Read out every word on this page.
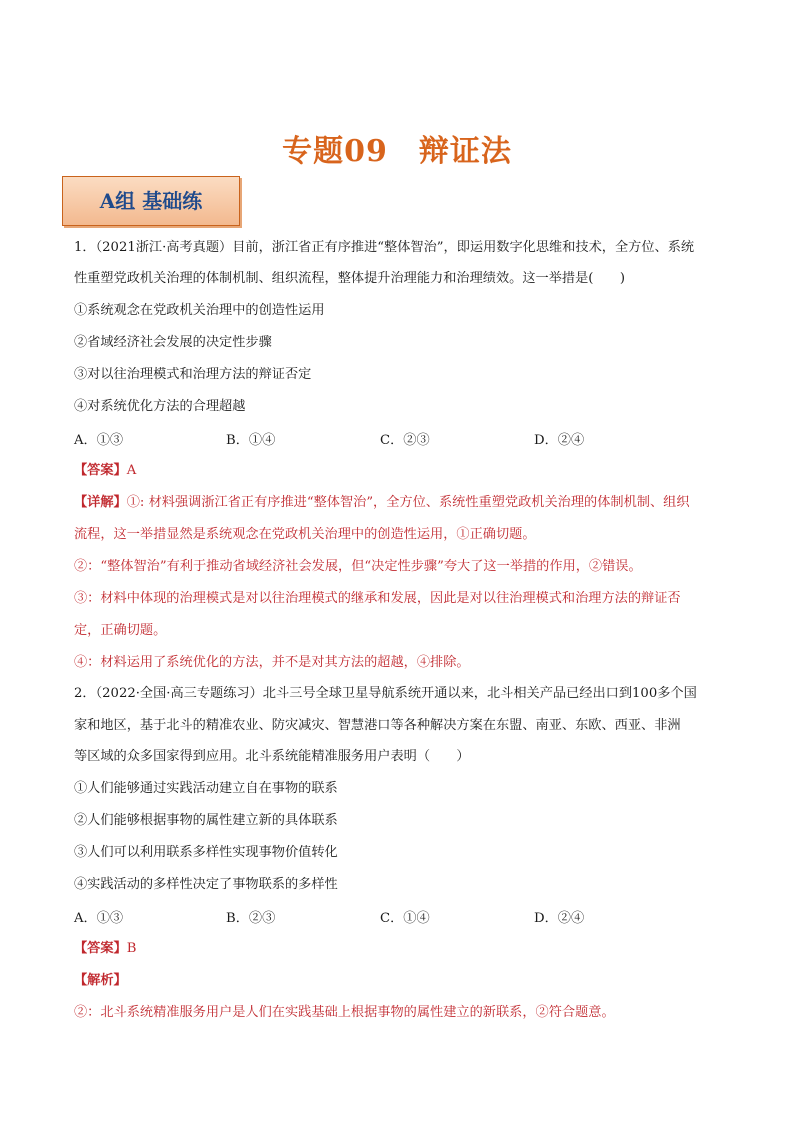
专题09　辩证法
A组 基础练
1．（2021浙江·高考真题）目前，浙江省正有序推进“整体智治”，即运用数字化思维和技术，全方位、系统
性重塑党政机关治理的体制机制、组织流程，整体提升治理能力和治理绩效。这一举措是(　　)
①系统观念在党政机关治理中的创造性运用
②省域经济社会发展的决定性步骤
③对以往治理模式和治理方法的辩证否定
④对系统优化方法的合理超越
A．①③	B．①④	C．②③	D．②④
【答案】A
【详解】①: 材料强调浙江省正有序推进“整体智治”，全方位、系统性重塑党政机关治理的体制机制、组织
流程，这一举措显然是系统观念在党政机关治理中的创造性运用，①正确切题。
②：“整体智治”有利于推动省域经济社会发展，但“决定性步骤”夸大了这一举措的作用，②错误。
③：材料中体现的治理模式是对以往治理模式的继承和发展，因此是对以往治理模式和治理方法的辩证否
定，正确切题。
④：材料运用了系统优化的方法，并不是对其方法的超越，④排除。
2．（2022·全国·高三专题练习）北斗三号全球卫星导航系统开通以来，北斗相关产品已经出口到100多个国
家和地区，基于北斗的精准农业、防灾减灾、智慧港口等各种解决方案在东盟、南亚、东欧、西亚、非洲
等区域的众多国家得到应用。北斗系统能精准服务用户表明（　　）
①人们能够通过实践活动建立自在事物的联系
②人们能够根据事物的属性建立新的具体联系
③人们可以利用联系多样性实现事物价值转化
④实践活动的多样性决定了事物联系的多样性
A．①③	B．②③	C．①④	D．②④
【答案】B
【解析】
②：北斗系统精准服务用户是人们在实践基础上根据事物的属性建立的新联系，②符合题意。
